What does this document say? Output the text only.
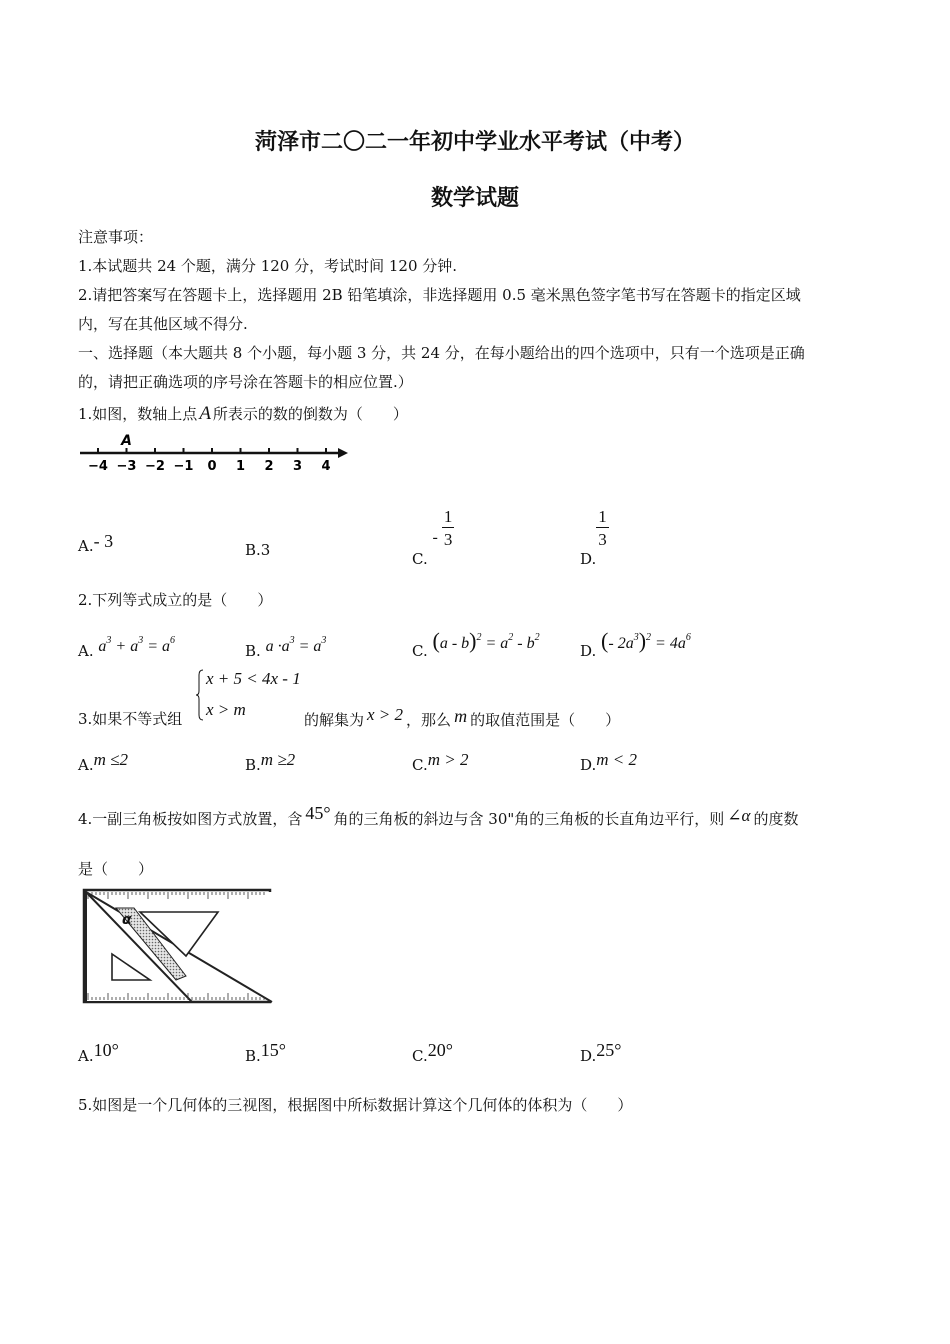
菏泽市二〇二一年初中学业水平考试（中考）
数学试题
注意事项：
1.本试题共 24 个题，满分 120 分，考试时间 120 分钟.
2.请把答案写在答题卡上，选择题用 2B 铅笔填涂，非选择题用 0.5 毫米黑色签字笔书写在答题卡的指定区域
内，写在其他区域不得分.
一、选择题（本大题共 8 个小题，每小题 3 分，共 24 分，在每小题给出的四个选项中，只有一个选项是正确
的，请把正确选项的序号涂在答题卡的相应位置.）
1.如图，数轴上点 A 所表示的数的倒数为（　　）
−4 −3 −2 −1 0 1 2 3 4
A
A.- 3	B.3	C. - $\frac{1}{3}$
D.
$\frac{1}{3}$
2.下列等式成立的是（　　）
A. $a^3 + a^3 = a^6$
B. $a \cdot a^3 = a^3$
C. $(a - b)^2 = a^2 - b^2$
D. (- $2a^3)^2 = 4a^6$
x + 5 < 4x - 1
x > m
3.如果不等式组	的解集为 x > 2 ，那么 m 的取值范围是（　　）
A.m ≤2	B.m ≥2	C.m > 2	D.m < 2
4.一副三角板按如图方式放置，含 45° 角的三角板的斜边与含 30"角的三角板的长直角边平行，则 ∠α 的度数
是（　　）
α
A.10°	B.15°	C.20°	D.25°
5.如图是一个几何体的三视图，根据图中所标数据计算这个几何体的体积为（　　）
